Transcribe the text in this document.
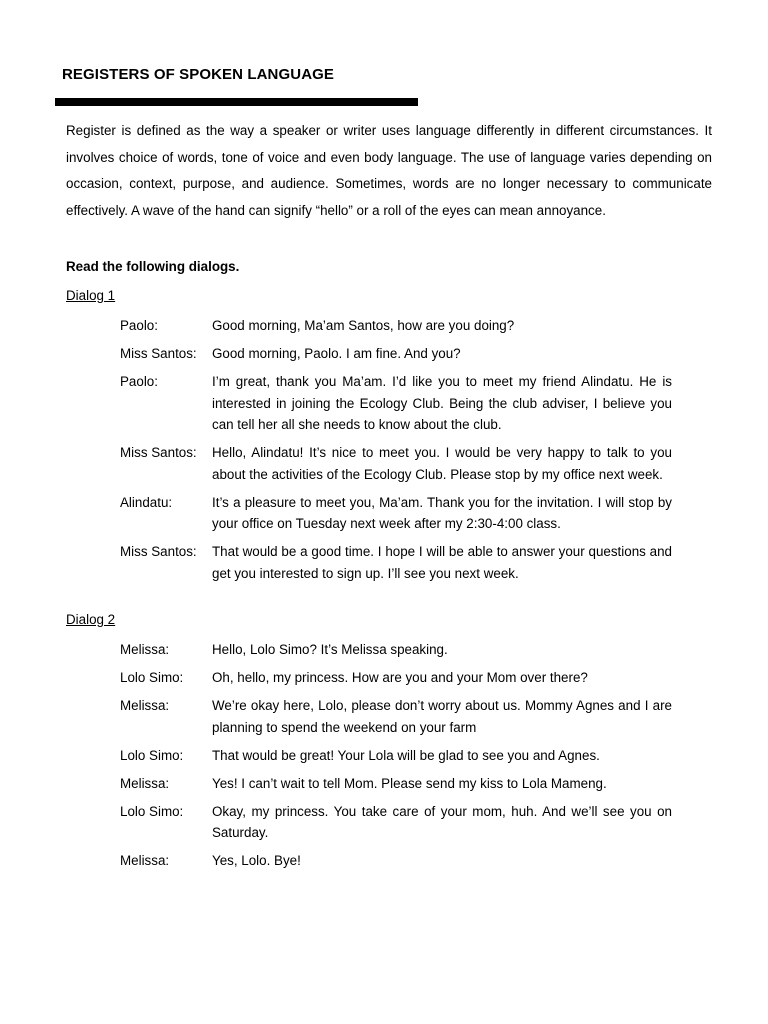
REGISTERS OF SPOKEN LANGUAGE

Register is defined as the way a speaker or writer uses language differently in different circumstances. It involves choice of words, tone of voice and even body language. The use of language varies depending on occasion, context, purpose, and audience. Sometimes, words are no longer necessary to communicate effectively. A wave of the hand can signify “hello” or a roll of the eyes can mean annoyance.

Read the following dialogs.

Dialog 1

Paolo:	Good morning, Ma’am Santos, how are you doing?
Miss Santos:	Good morning, Paolo. I am fine. And you?
Paolo:	I’m great, thank you Ma’am. I’d like you to meet my friend Alindatu. He is interested in joining the Ecology Club. Being the club adviser, I believe you can tell her all she needs to know about the club.
Miss Santos:	Hello, Alindatu! It’s nice to meet you. I would be very happy to talk to you about the activities of the Ecology Club. Please stop by my office next week.
Alindatu:	It’s a pleasure to meet you, Ma’am. Thank you for the invitation. I will stop by your office on Tuesday next week after my 2:30-4:00 class.
Miss Santos:	That would be a good time. I hope I will be able to answer your questions and get you interested to sign up. I’ll see you next week.

Dialog 2

Melissa:	Hello, Lolo Simo? It’s Melissa speaking.
Lolo Simo:	Oh, hello, my princess. How are you and your Mom over there?
Melissa:	We’re okay here, Lolo, please don’t worry about us. Mommy Agnes and I are planning to spend the weekend on your farm
Lolo Simo:	That would be great! Your Lola will be glad to see you and Agnes.
Melissa:	Yes! I can’t wait to tell Mom. Please send my kiss to Lola Mameng.
Lolo Simo:	Okay, my princess. You take care of your mom, huh. And we’ll see you on Saturday.
Melissa:	Yes, Lolo. Bye!
